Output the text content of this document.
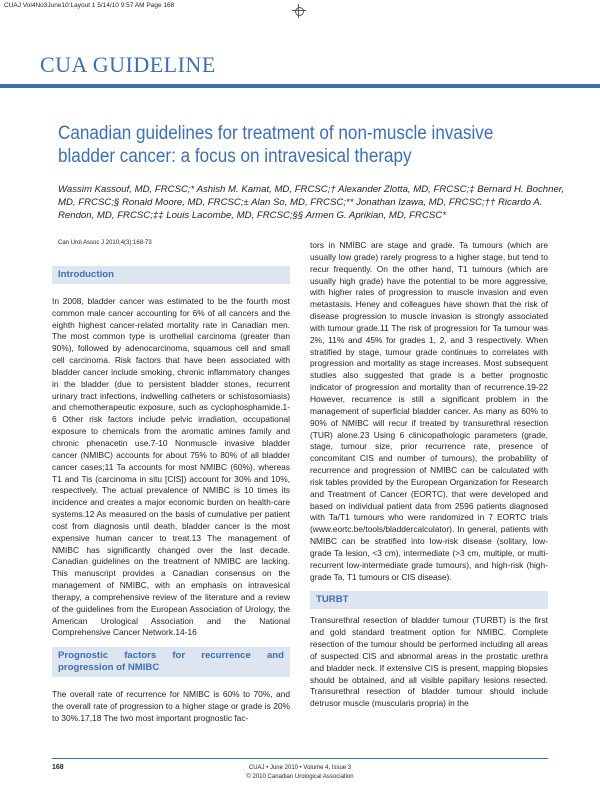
CUAJ Vol4No3June10:Layout 1 5/14/10 9:57 AM Page 168
CUA GUIDELINE
Canadian guidelines for treatment of non-muscle invasive bladder cancer: a focus on intravesical therapy

Wassim Kassouf, MD, FRCSC;* Ashish M. Kamat, MD, FRCSC;† Alexander Zlotta, MD, FRCSC;‡ Bernard H. Bochner, MD, FRCSC;§ Ronald Moore, MD, FRCSC;± Alan So, MD, FRCSC;** Jonathan Izawa, MD, FRCSC;†† Ricardo A. Rendon, MD, FRCSC;‡‡ Louis Lacombe, MD, FRCSC;§§ Armen G. Aprikian, MD, FRCSC*

Can Urol Assoc J 2010;4(3):168-73
Introduction

In 2008, bladder cancer was estimated to be the fourth most common male cancer accounting for 6% of all cancers and the eighth highest cancer-related mortality rate in Canadian men. The most common type is urothelial carcinoma (greater than 90%), followed by adenocarcinoma, squamous cell and small cell carcinoma. Risk factors that have been associated with bladder cancer include smoking, chronic inflammatory changes in the bladder (due to persistent bladder stones, recurrent urinary tract infections, indwelling catheters or schistosomiasis) and chemotherapeutic exposure, such as cyclophosphamide.1-6 Other risk factors include pelvic irradiation, occupational exposure to chemicals from the aromatic amines family and chronic phenacetin use.7-10 Nonmuscle invasive bladder cancer (NMIBC) accounts for about 75% to 80% of all bladder cancer cases;11 Ta accounts for most NMIBC (60%), whereas T1 and Tis (carcinoma in situ [CIS]) account for 30% and 10%, respectively. The actual prevalence of NMIBC is 10 times its incidence and creates a major economic burden on health-care systems.12 As measured on the basis of cumulative per patient cost from diagnosis until death, bladder cancer is the most expensive human cancer to treat.13 The management of NMIBC has significantly changed over the last decade. Canadian guidelines on the treatment of NMIBC are lacking. This manuscript provides a Canadian consensus on the management of NMIBC, with an emphasis on intravesical therapy, a comprehensive review of the literature and a review of the guidelines from the European Association of Urology, the American Urological Association and the National Comprehensive Cancer Network.14-16

Prognostic factors for recurrence and progression of NMIBC

The overall rate of recurrence for NMIBC is 60% to 70%, and the overall rate of progression to a higher stage or grade is 20% to 30%.17,18 The two most important prognostic fac-

tors in NMIBC are stage and grade. Ta tumours (which are usually low grade) rarely progress to a higher stage, but tend to recur frequently. On the other hand, T1 tumours (which are usually high grade) have the potential to be more aggressive, with higher rates of progression to muscle invasion and even metastasis. Heney and colleagues have shown that the risk of disease progression to muscle invasion is strongly associated with tumour grade.11 The risk of progression for Ta tumour was 2%, 11% and 45% for grades 1, 2, and 3 respectively. When stratified by stage, tumour grade continues to correlates with progression and mortality as stage increases. Most subsequent studies also suggested that grade is a better prognostic indicator of progression and mortality than of recurrence.19-22 However, recurrence is still a significant problem in the management of superficial bladder cancer. As many as 60% to 90% of NMIBC will recur if treated by transurethral resection (TUR) alone.23 Using 6 clinicopathologic parameters (grade, stage, tumour size, prior recurrence rate, presence of concomitant CIS and number of tumours), the probability of recurrence and progression of NMIBC can be calculated with risk tables provided by the European Organization for Research and Treatment of Cancer (EORTC), that were developed and based on individual patient data from 2596 patients diagnosed with Ta/T1 tumours who were randomized in 7 EORTC trials (www.eortc.be/tools/bladdercalculator). In general, patients with NMIBC can be stratified into low-risk disease (solitary, low-grade Ta lesion, <3 cm), intermediate (>3 cm, multiple, or multi-recurrent low-intermediate grade tumours), and high-risk (high-grade Ta, T1 tumours or CIS disease).

TURBT

Transurethral resection of bladder tumour (TURBT) is the first and gold standard treatment option for NMIBC. Complete resection of the tumour should be performed including all areas of suspected CIS and abnormal areas in the prostatic urethra and bladder neck. If extensive CIS is present, mapping biopsies should be obtained, and all visible papillary lesions resected. Transurethral resection of bladder tumour should include detrusor muscle (muscularis propria) in the

168	CUAJ • June 2010 • Volume 4, Issue 3
© 2010 Canadian Urological Association
